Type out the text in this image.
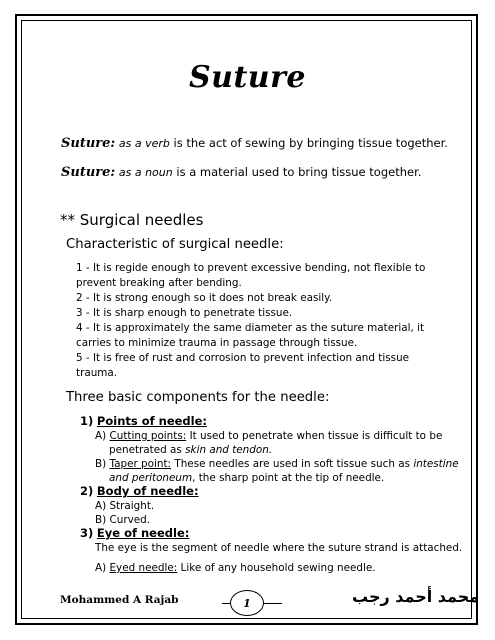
Suture
Suture: as a verb is the act of sewing by bringing tissue together.
Suture: as a noun is a material used to bring tissue together.
** Surgical needles
Characteristic of surgical needle:

1 - It is regide enough to prevent excessive bending, not flexible to prevent breaking after bending.

2 - It is strong enough so it does not break easily.

3 - It is sharp enough to penetrate tissue.

4 - It is approximately the same diameter as the suture material, it carries to minimize trauma in passage through tissue.

5 - It is free of rust and corrosion to prevent infection and tissue trauma.

Three basic components for the needle:
1) Points of needle:
A) Cutting points: It used to penetrate when tissue is difficult to be
penetrated as skin and tendon.
B) Taper point: These needles are used in soft tissue such as intestine
and peritoneum, the sharp point at the tip of needle.
2) Body of needle:
A) Straight.
B) Curved.
3) Eye of needle:
The eye is the segment of needle where the suture strand is attached.
A) Eyed needle: Like of any household sewing needle.
Mohammed A Rajab	1	محمد أحمد رجب
